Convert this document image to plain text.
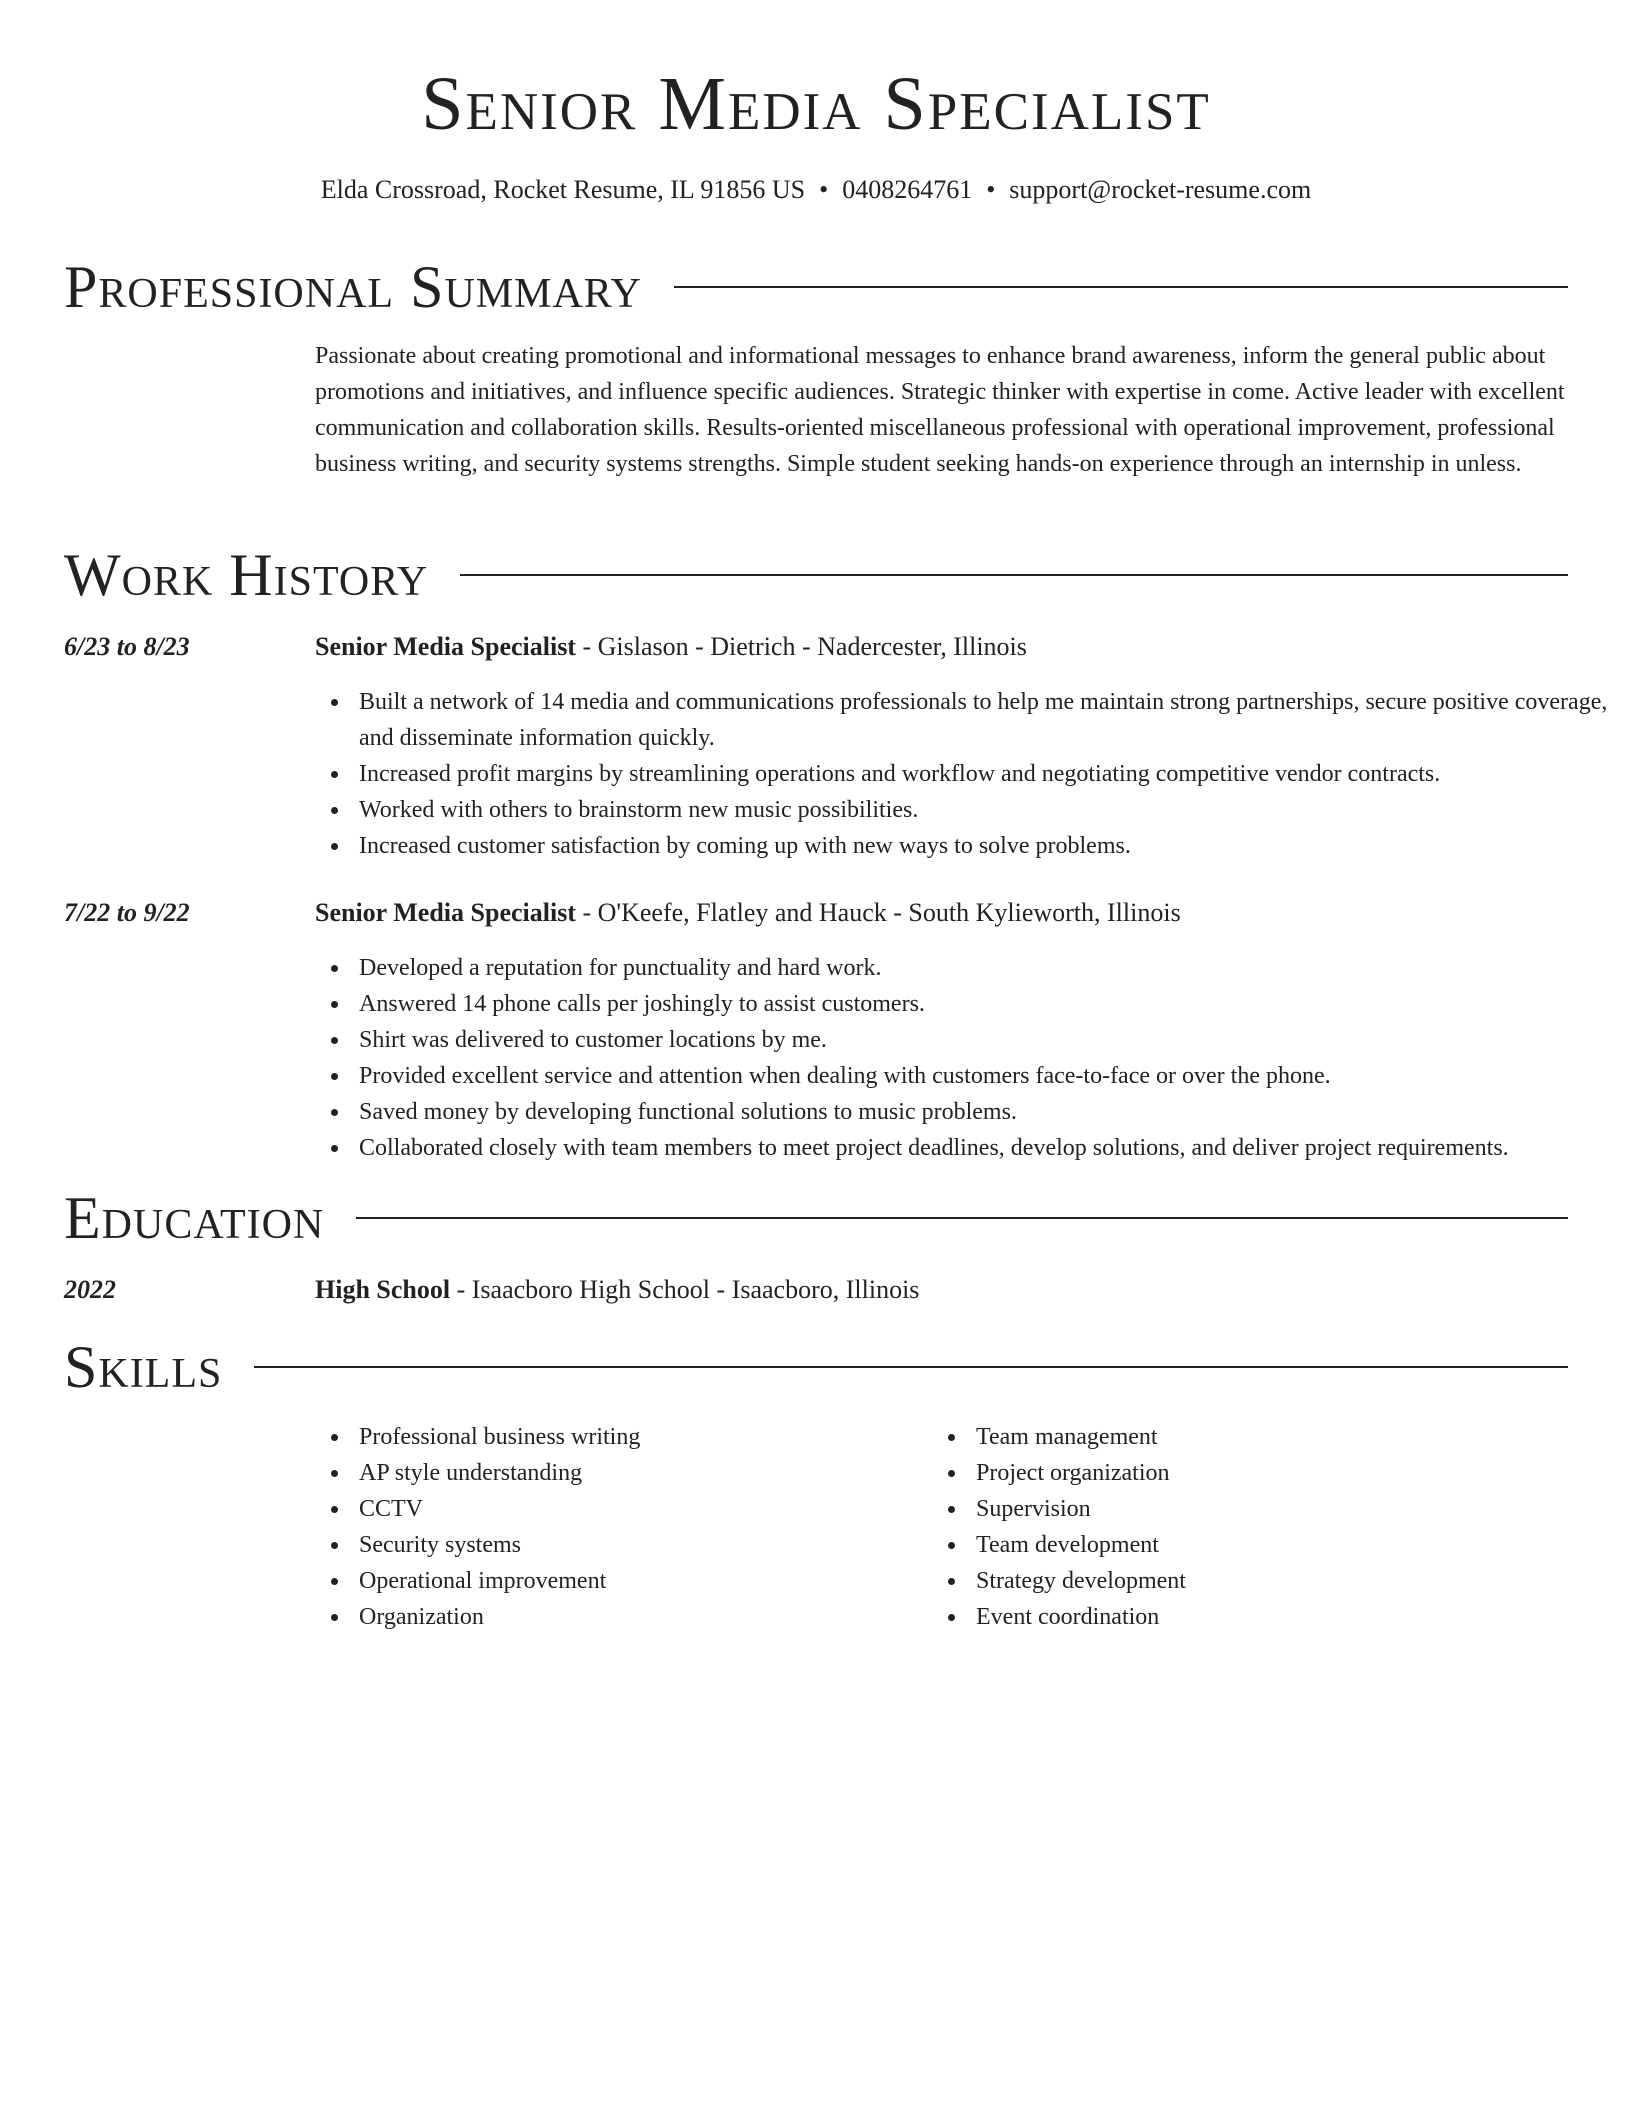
Senior Media Specialist
Elda Crossroad, Rocket Resume, IL 91856 US • 0408264761 • support@rocket-resume.com
Professional Summary

Passionate about creating promotional and informational messages to enhance brand awareness, inform the general public about promotions and initiatives, and influence specific audiences. Strategic thinker with expertise in come. Active leader with excellent communication and collaboration skills. Results-oriented miscellaneous professional with operational improvement, professional business writing, and security systems strengths. Simple student seeking hands-on experience through an internship in unless.

Work History
6/23 to 8/23	Senior Media Specialist - Gislason - Dietrich - Nadercester, Illinois
Built a network of 14 media and communications professionals to help me maintain strong partnerships, secure positive coverage, and disseminate information quickly.
Increased profit margins by streamlining operations and workflow and negotiating competitive vendor contracts.
Worked with others to brainstorm new music possibilities.
Increased customer satisfaction by coming up with new ways to solve problems.
7/22 to 9/22	Senior Media Specialist - O'Keefe, Flatley and Hauck - South Kylieworth, Illinois
Developed a reputation for punctuality and hard work.
Answered 14 phone calls per joshingly to assist customers.
Shirt was delivered to customer locations by me.
Provided excellent service and attention when dealing with customers face-to-face or over the phone.
Saved money by developing functional solutions to music problems.
Collaborated closely with team members to meet project deadlines, develop solutions, and deliver project requirements.
Education
2022	High School - Isaacboro High School - Isaacboro, Illinois
Skills
Professional business writing
AP style understanding
CCTV
Security systems
Operational improvement
Organization
Team management
Project organization
Supervision
Team development
Strategy development
Event coordination
